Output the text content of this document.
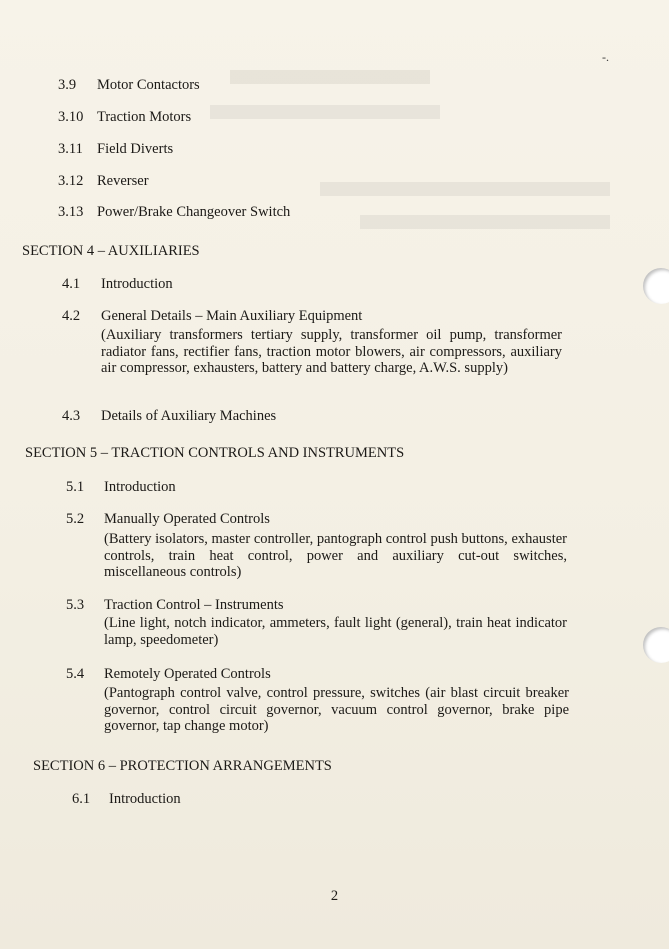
-.
3.9 Motor Contactors
3.10 Traction Motors
3.11 Field Diverts
3.12 Reverser
3.13 Power/Brake Changeover Switch
SECTION 4 – AUXILIARIES
4.1 Introduction
4.2 General Details – Main Auxiliary Equipment
(Auxiliary transformers tertiary supply, transformer oil pump, transformer radiator fans, rectifier fans, traction motor blowers, air compressors, auxiliary air compressor, exhausters, battery and battery charge, A.W.S. supply)
4.3 Details of Auxiliary Machines
SECTION 5 – TRACTION CONTROLS AND INSTRUMENTS
5.1 Introduction
5.2 Manually Operated Controls
(Battery isolators, master controller, pantograph control push buttons, exhauster controls, train heat control, power and auxiliary cut-out switches, miscellaneous controls)
5.3 Traction Control – Instruments
(Line light, notch indicator, ammeters, fault light (general), train heat indicator lamp, speedometer)
5.4 Remotely Operated Controls
(Pantograph control valve, control pressure, switches (air blast circuit breaker governor, control circuit governor, vacuum control governor, brake pipe governor, tap change motor)
SECTION 6 – PROTECTION ARRANGEMENTS
6.1 Introduction
2
